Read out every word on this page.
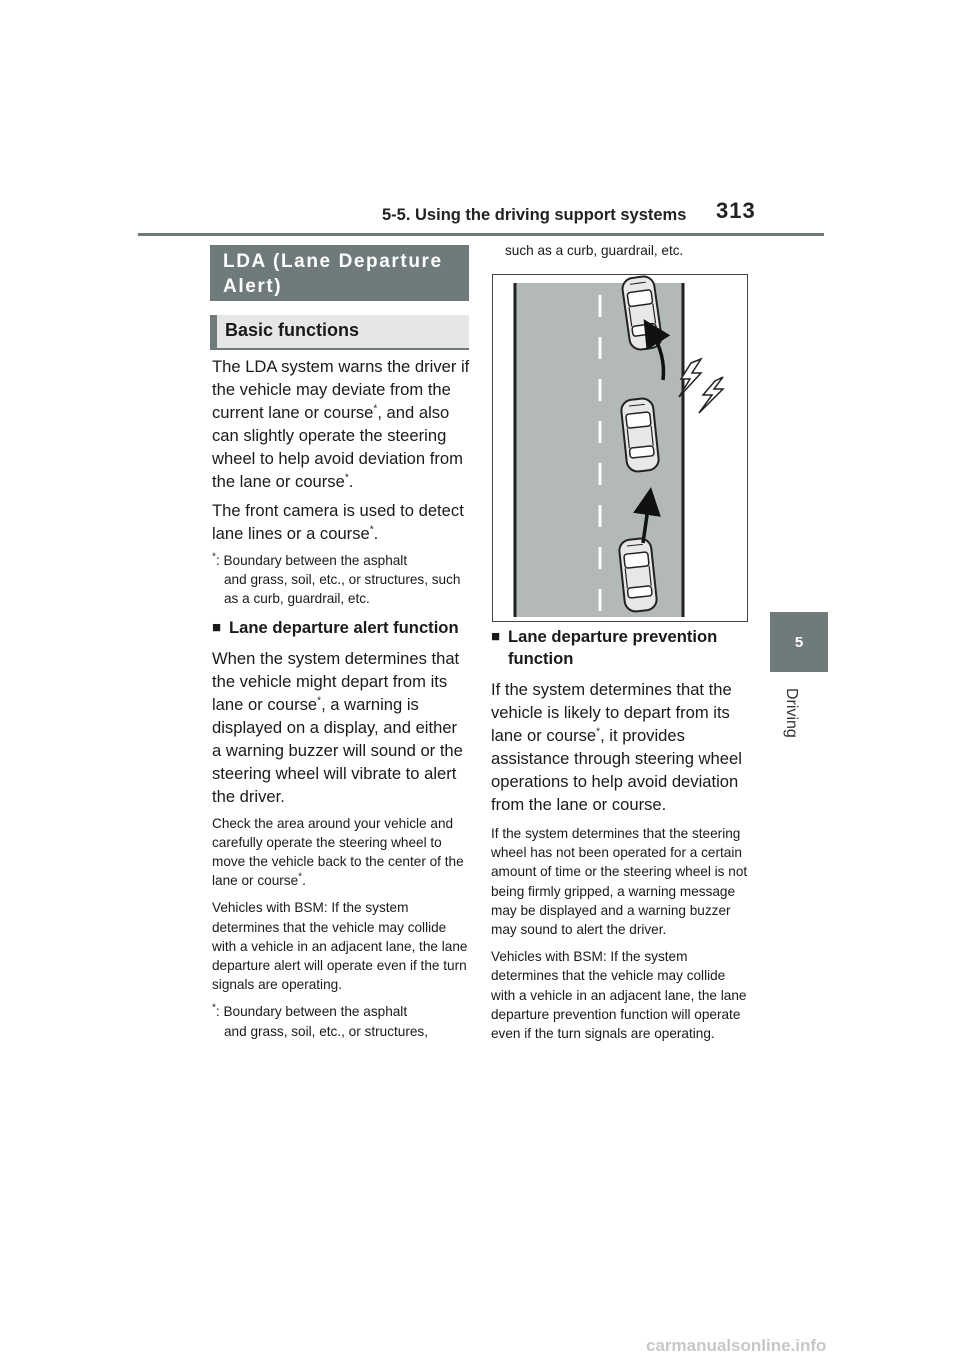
5-5. Using the driving support systems	313
5
Driving
LDA (Lane Departure Alert)
Basic functions

The LDA system warns the driver if the vehicle may deviate from the current lane or course*, and also can slightly operate the steering wheel to help avoid deviation from the lane or course*.

The front camera is used to detect lane lines or a course*.

*: Boundary between the asphalt
and grass, soil, etc., or structures, such as a curb, guardrail, etc.

■ Lane departure alert function

When the system determines that the vehicle might depart from its lane or course*, a warning is displayed on a display, and either a warning buzzer will sound or the steering wheel will vibrate to alert the driver.

Check the area around your vehicle and carefully operate the steering wheel to move the vehicle back to the center of the lane or course*.

Vehicles with BSM: If the system determines that the vehicle may collide with a vehicle in an adjacent lane, the lane departure alert will operate even if the turn signals are operating.

*: Boundary between the asphalt
and grass, soil, etc., or structures,

such as a curb, guardrail, etc.
■ Lane departure prevention function

If the system determines that the vehicle is likely to depart from its lane or course*, it provides assistance through steering wheel operations to help avoid deviation from the lane or course.

If the system determines that the steering wheel has not been operated for a certain amount of time or the steering wheel is not being firmly gripped, a warning message may be displayed and a warning buzzer may sound to alert the driver.

Vehicles with BSM: If the system determines that the vehicle may collide with a vehicle in an adjacent lane, the lane departure prevention function will operate even if the turn signals are operating.

carmanualsonline.info
